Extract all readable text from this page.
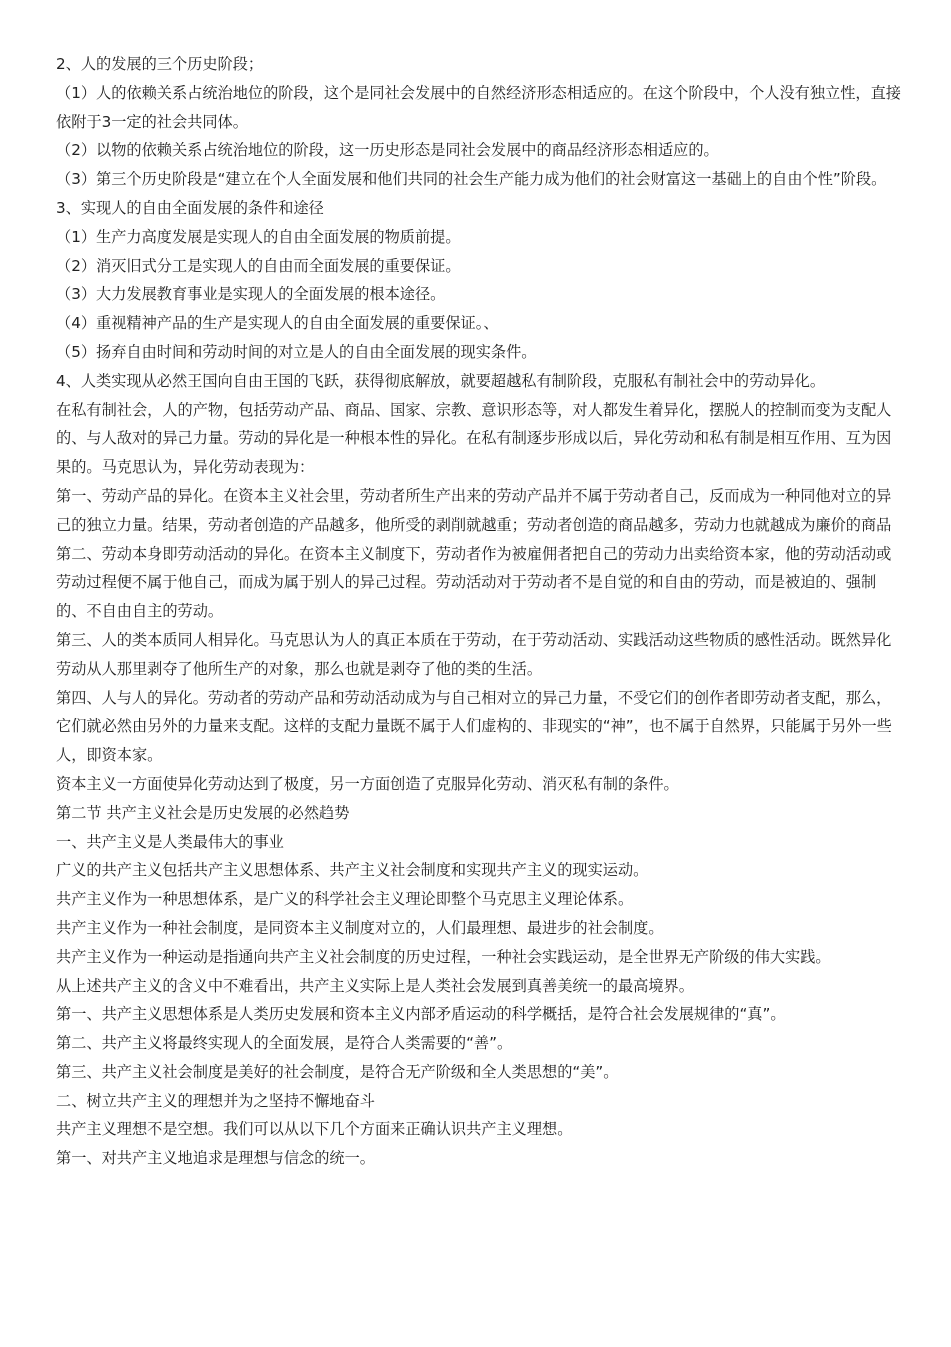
2、人的发展的三个历史阶段；

（1）人的依赖关系占统治地位的阶段，这个是同社会发展中的自然经济形态相适应的。在这个阶段中，个人没有独立性，直接依附于3一定的社会共同体。

（2）以物的依赖关系占统治地位的阶段，这一历史形态是同社会发展中的商品经济形态相适应的。

（3）第三个历史阶段是“建立在个人全面发展和他们共同的社会生产能力成为他们的社会财富这一基础上的自由个性”阶段。

3、实现人的自由全面发展的条件和途径

（1）生产力高度发展是实现人的自由全面发展的物质前提。

（2）消灭旧式分工是实现人的自由而全面发展的重要保证。

（3）大力发展教育事业是实现人的全面发展的根本途径。

（4）重视精神产品的生产是实现人的自由全面发展的重要保证。、

（5）扬弃自由时间和劳动时间的对立是人的自由全面发展的现实条件。

4、人类实现从必然王国向自由王国的飞跃，获得彻底解放，就要超越私有制阶段，克服私有制社会中的劳动异化。

在私有制社会，人的产物，包括劳动产品、商品、国家、宗教、意识形态等，对人都发生着异化，摆脱人的控制而变为支配人的、与人敌对的异己力量。劳动的异化是一种根本性的异化。在私有制逐步形成以后，异化劳动和私有制是相互作用、互为因果的。马克思认为，异化劳动表现为：

第一、劳动产品的异化。在资本主义社会里，劳动者所生产出来的劳动产品并不属于劳动者自己，反而成为一种同他对立的异己的独立力量。结果，劳动者创造的产品越多，他所受的剥削就越重；劳动者创造的商品越多，劳动力也就越成为廉价的商品

第二、劳动本身即劳动活动的异化。在资本主义制度下，劳动者作为被雇佣者把自己的劳动力出卖给资本家，他的劳动活动或劳动过程便不属于他自己，而成为属于别人的异己过程。劳动活动对于劳动者不是自觉的和自由的劳动，而是被迫的、强制的、不自由自主的劳动。

第三、人的类本质同人相异化。马克思认为人的真正本质在于劳动，在于劳动活动、实践活动这些物质的感性活动。既然异化劳动从人那里剥夺了他所生产的对象，那么也就是剥夺了他的类的生活。

第四、人与人的异化。劳动者的劳动产品和劳动活动成为与自己相对立的异己力量，不受它们的创作者即劳动者支配，那么，它们就必然由另外的力量来支配。这样的支配力量既不属于人们虚构的、非现实的“神”，也不属于自然界，只能属于另外一些人，即资本家。

资本主义一方面使异化劳动达到了极度，另一方面创造了克服异化劳动、消灭私有制的条件。

第二节 共产主义社会是历史发展的必然趋势

一、共产主义是人类最伟大的事业

广义的共产主义包括共产主义思想体系、共产主义社会制度和实现共产主义的现实运动。

共产主义作为一种思想体系，是广义的科学社会主义理论即整个马克思主义理论体系。

共产主义作为一种社会制度，是同资本主义制度对立的，人们最理想、最进步的社会制度。

共产主义作为一种运动是指通向共产主义社会制度的历史过程，一种社会实践运动，是全世界无产阶级的伟大实践。

从上述共产主义的含义中不难看出，共产主义实际上是人类社会发展到真善美统一的最高境界。

第一、共产主义思想体系是人类历史发展和资本主义内部矛盾运动的科学概括，是符合社会发展规律的“真”。

第二、共产主义将最终实现人的全面发展，是符合人类需要的“善”。

第三、共产主义社会制度是美好的社会制度，是符合无产阶级和全人类思想的“美”。

二、树立共产主义的理想并为之坚持不懈地奋斗

共产主义理想不是空想。我们可以从以下几个方面来正确认识共产主义理想。

第一、对共产主义地追求是理想与信念的统一。
